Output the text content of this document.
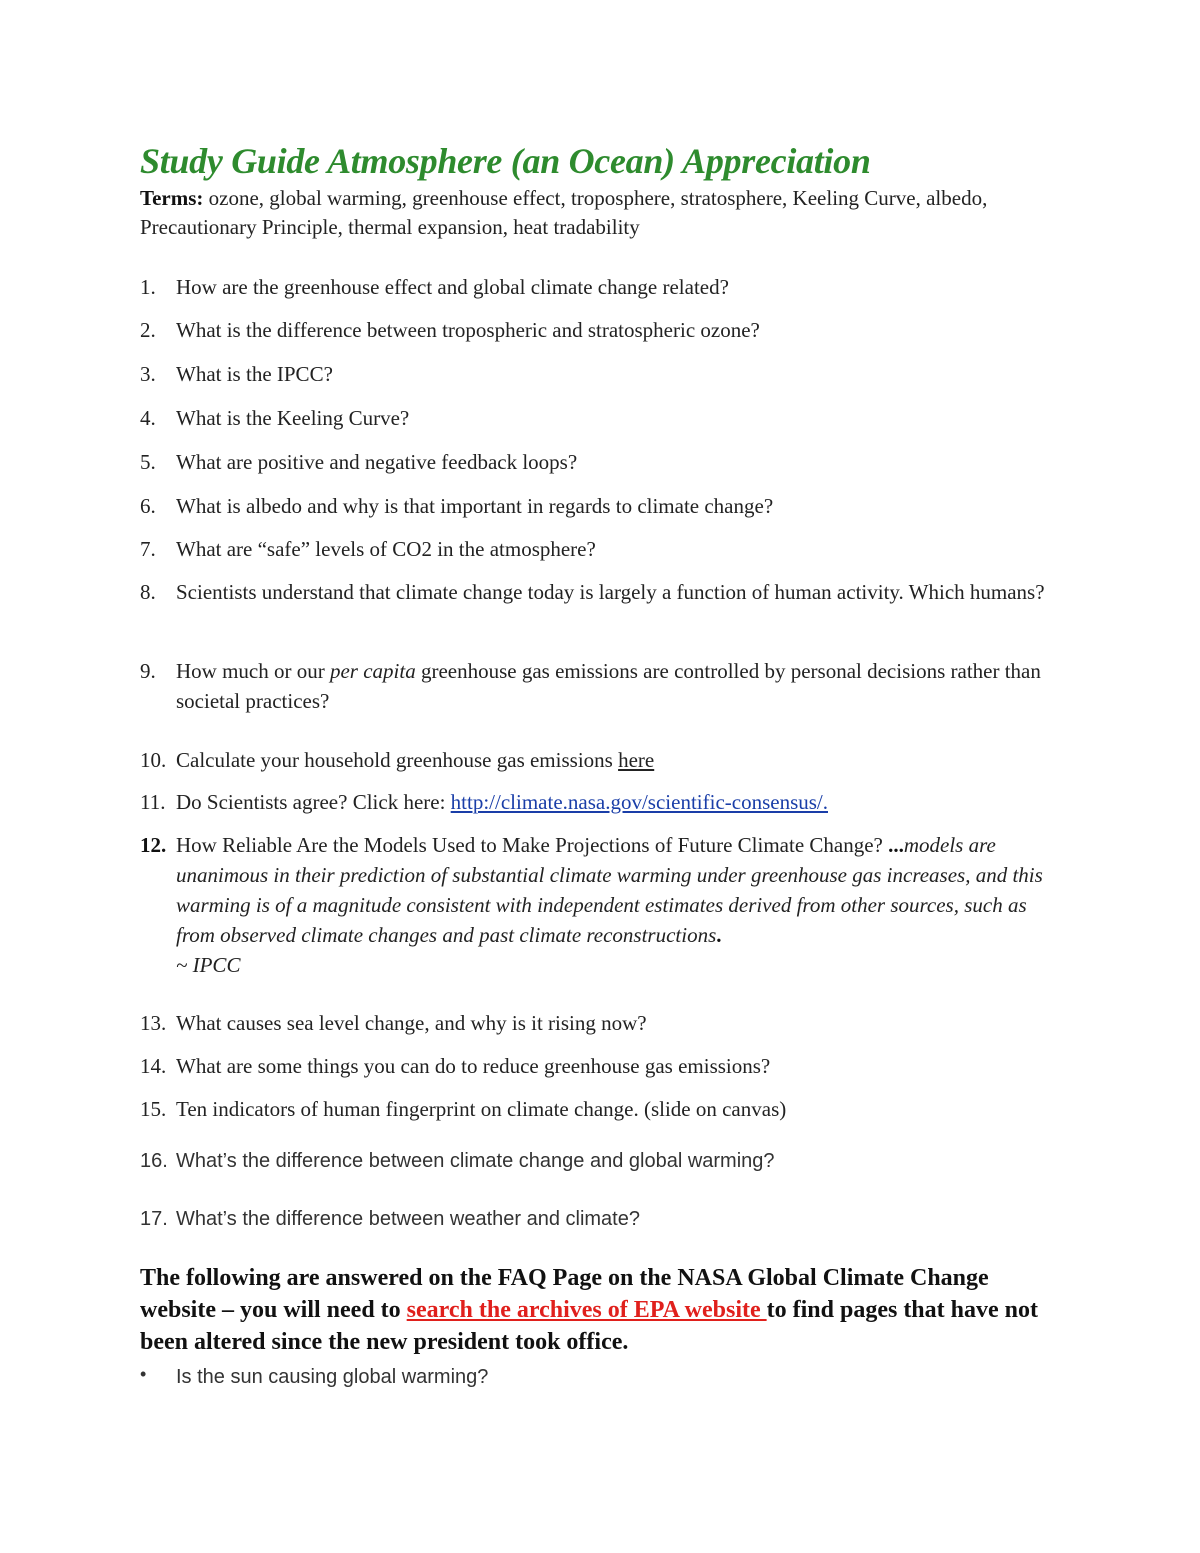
Study Guide Atmosphere (an Ocean) Appreciation
Terms: ozone, global warming, greenhouse effect, troposphere, stratosphere, Keeling Curve, albedo, Precautionary Principle, thermal expansion, heat tradability
1. How are the greenhouse effect and global climate change related?
2. What is the difference between tropospheric and stratospheric ozone?
3. What is the IPCC?
4. What is the Keeling Curve?
5. What are positive and negative feedback loops?
6. What is albedo and why is that important in regards to climate change?
7. What are “safe” levels of CO2 in the atmosphere?
8. Scientists understand that climate change today is largely a function of human activity. Which humans?
9. How much or our per capita greenhouse gas emissions are controlled by personal decisions rather than societal practices?
10. Calculate your household greenhouse gas emissions here
11. Do Scientists agree? Click here: http://climate.nasa.gov/scientific-consensus/.
12. How Reliable Are the Models Used to Make Projections of Future Climate Change? ...models are unanimous in their prediction of substantial climate warming under greenhouse gas increases, and this warming is of a magnitude consistent with independent estimates derived from other sources, such as from observed climate changes and past climate reconstructions.
~ IPCC
13. What causes sea level change, and why is it rising now?
14. What are some things you can do to reduce greenhouse gas emissions?
15. Ten indicators of human fingerprint on climate change. (slide on canvas)
16. What’s the difference between climate change and global warming?
17. What’s the difference between weather and climate?
The following are answered on the FAQ Page on the NASA Global Climate Change website – you will need to search the archives of EPA website to find pages that have not been altered since the new president took office.
• Is the sun causing global warming?
